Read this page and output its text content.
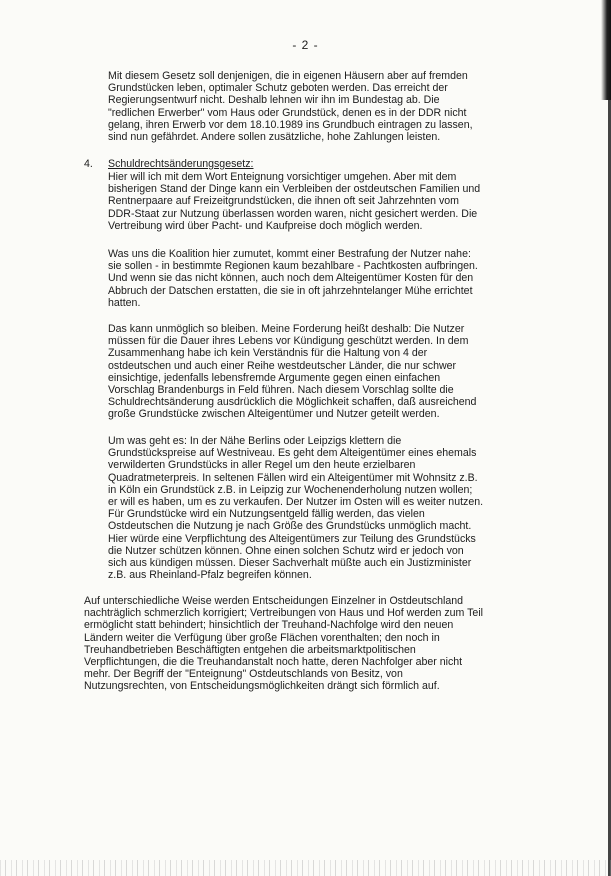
- 2 -
Mit diesem Gesetz soll denjenigen, die in eigenen Häusern aber auf fremden
Grundstücken leben, optimaler Schutz geboten werden. Das erreicht der
Regierungsentwurf nicht. Deshalb lehnen wir ihn im Bundestag ab. Die
"redlichen Erwerber" vom Haus oder Grundstück, denen es in der DDR nicht
gelang, ihren Erwerb vor dem 18.10.1989 ins Grundbuch eintragen zu lassen,
sind nun gefährdet. Andere sollen zusätzliche, hohe Zahlungen leisten.
4. Schuldrechtsänderungsgesetz:
Hier will ich mit dem Wort Enteignung vorsichtiger umgehen. Aber mit dem
bisherigen Stand der Dinge kann ein Verbleiben der ostdeutschen Familien und
Rentnerpaare auf Freizeitgrundstücken, die ihnen oft seit Jahrzehnten vom
DDR-Staat zur Nutzung überlassen worden waren, nicht gesichert werden. Die
Vertreibung wird über Pacht- und Kaufpreise doch möglich werden.
Was uns die Koalition hier zumutet, kommt einer Bestrafung der Nutzer nahe:
sie sollen - in bestimmte Regionen kaum bezahlbare - Pachtkosten aufbringen.
Und wenn sie das nicht können, auch noch dem Alteigentümer Kosten für den
Abbruch der Datschen erstatten, die sie in oft jahrzehntelanger Mühe errichtet
hatten.
Das kann unmöglich so bleiben. Meine Forderung heißt deshalb: Die Nutzer
müssen für die Dauer ihres Lebens vor Kündigung geschützt werden. In dem
Zusammenhang habe ich kein Verständnis für die Haltung von 4 der
ostdeutschen und auch einer Reihe westdeutscher Länder, die nur schwer
einsichtige, jedenfalls lebensfremde Argumente gegen einen einfachen
Vorschlag Brandenburgs in Feld führen. Nach diesem Vorschlag sollte die
Schuldrechtsänderung ausdrücklich die Möglichkeit schaffen, daß ausreichend
große Grundstücke zwischen Alteigentümer und Nutzer geteilt werden.
Um was geht es: In der Nähe Berlins oder Leipzigs klettern die
Grundstückspreise auf Westniveau. Es geht dem Alteigentümer eines ehemals
verwilderten Grundstücks in aller Regel um den heute erzielbaren
Quadratmeterpreis. In seltenen Fällen wird ein Alteigentümer mit Wohnsitz z.B.
in Köln ein Grundstück z.B. in Leipzig zur Wochenenderholung nutzen wollen;
er will es haben, um es zu verkaufen. Der Nutzer im Osten will es weiter nutzen.
Für Grundstücke wird ein Nutzungsentgeld fällig werden, das vielen
Ostdeutschen die Nutzung je nach Größe des Grundstücks unmöglich macht.
Hier würde eine Verpflichtung des Alteigentümers zur Teilung des Grundstücks
die Nutzer schützen können. Ohne einen solchen Schutz wird er jedoch von
sich aus kündigen müssen. Dieser Sachverhalt müßte auch ein Justizminister
z.B. aus Rheinland-Pfalz begreifen können.
Auf unterschiedliche Weise werden Entscheidungen Einzelner in Ostdeutschland
nachträglich schmerzlich korrigiert; Vertreibungen von Haus und Hof werden zum Teil
ermöglicht statt behindert; hinsichtlich der Treuhand-Nachfolge wird den neuen
Ländern weiter die Verfügung über große Flächen vorenthalten; den noch in
Treuhandbetrieben Beschäftigten entgehen die arbeitsmarktpolitischen
Verpflichtungen, die die Treuhandanstalt noch hatte, deren Nachfolger aber nicht
mehr. Der Begriff der "Enteignung" Ostdeutschlands von Besitz, von
Nutzungsrechten, von Entscheidungsmöglichkeiten drängt sich förmlich auf.
